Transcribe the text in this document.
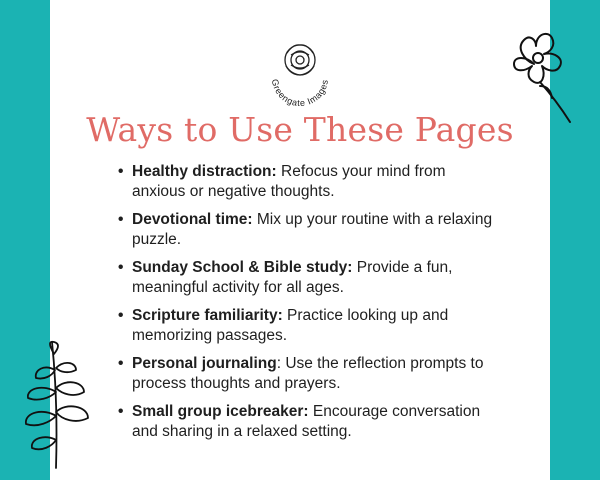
Greengate Images
Ways to Use These Pages
• Healthy distraction: Refocus your mind from anxious or negative thoughts.
• Devotional time: Mix up your routine with a relaxing puzzle.
• Sunday School & Bible study: Provide a fun, meaningful activity for all ages.
• Scripture familiarity: Practice looking up and memorizing passages.
• Personal journaling: Use the reflection prompts to process thoughts and prayers.
• Small group icebreaker: Encourage conversation and sharing in a relaxed setting.
